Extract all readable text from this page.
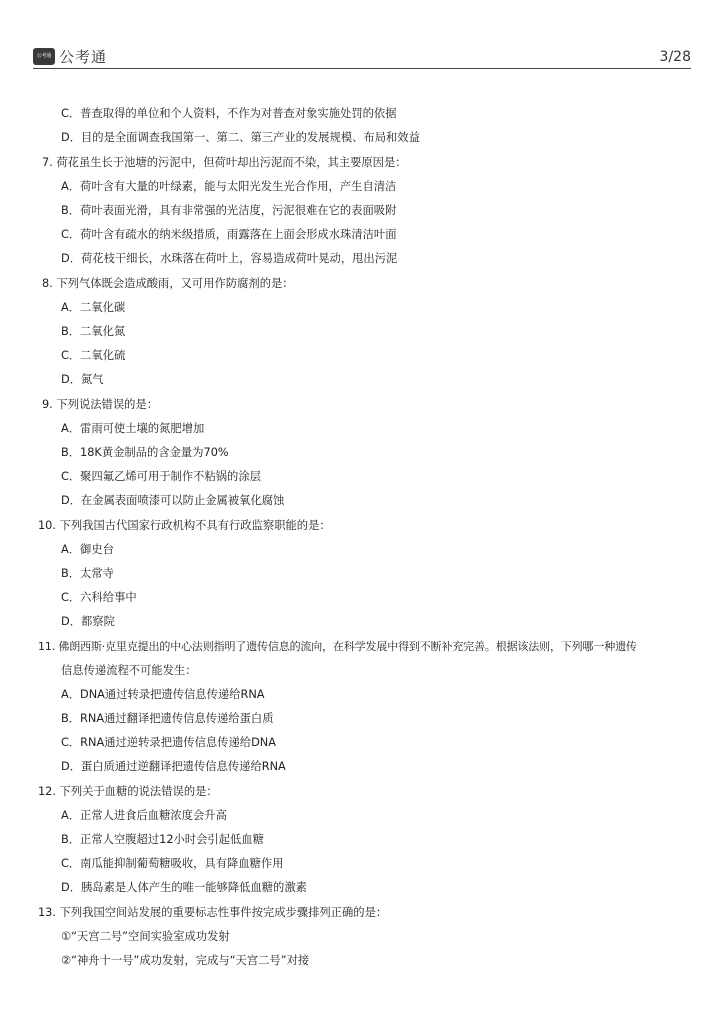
公考通 公考通	3/28
C．普查取得的单位和个人资料，不作为对普查对象实施处罚的依据
D．目的是全面调查我国第一、第二、第三产业的发展规模、布局和效益
7. 荷花虽生长于池塘的污泥中，但荷叶却出污泥而不染，其主要原因是：
A．荷叶含有大量的叶绿素，能与太阳光发生光合作用，产生自清洁
B．荷叶表面光滑，具有非常强的光洁度，污泥很难在它的表面吸附
C．荷叶含有疏水的纳米级措质，雨露落在上面会形成水珠清洁叶面
D．荷花枝干细长，水珠落在荷叶上，容易造成荷叶晃动，甩出污泥
8. 下列气体既会造成酸雨，又可用作防腐剂的是：
A．二氧化碳
B．二氧化氮
C．二氧化硫
D．氮气
9. 下列说法错误的是：
A．雷雨可使土壤的氮肥增加
B．18K黄金制品的含金量为70%
C．聚四氟乙烯可用于制作不粘锅的涂层
D．在金属表面喷漆可以防止金属被氧化腐蚀
10. 下列我国古代国家行政机构不具有行政监察职能的是：
A．御史台
B．太常寺
C．六科给事中
D．都察院
11. 佛朗西斯·克里克提出的中心法则指明了遗传信息的流向，在科学发展中得到不断补充完善。根据该法则，下列哪一种遗传
信息传递流程不可能发生：
A．DNA通过转录把遗传信息传递给RNA
B．RNA通过翻译把遗传信息传递给蛋白质
C．RNA通过逆转录把遗传信息传递给DNA
D．蛋白质通过逆翻译把遗传信息传递给RNA
12. 下列关于血糖的说法错误的是：
A．正常人进食后血糖浓度会升高
B．正常人空腹超过12小时会引起低血糖
C．南瓜能抑制葡萄糖吸收，具有降血糖作用
D．胰岛素是人体产生的唯一能够降低血糖的激素
13. 下列我国空间站发展的重要标志性事件按完成步骤排列正确的是：
①“天宫二号”空间实验室成功发射
②“神舟十一号”成功发射，完成与“天宫二号”对接
